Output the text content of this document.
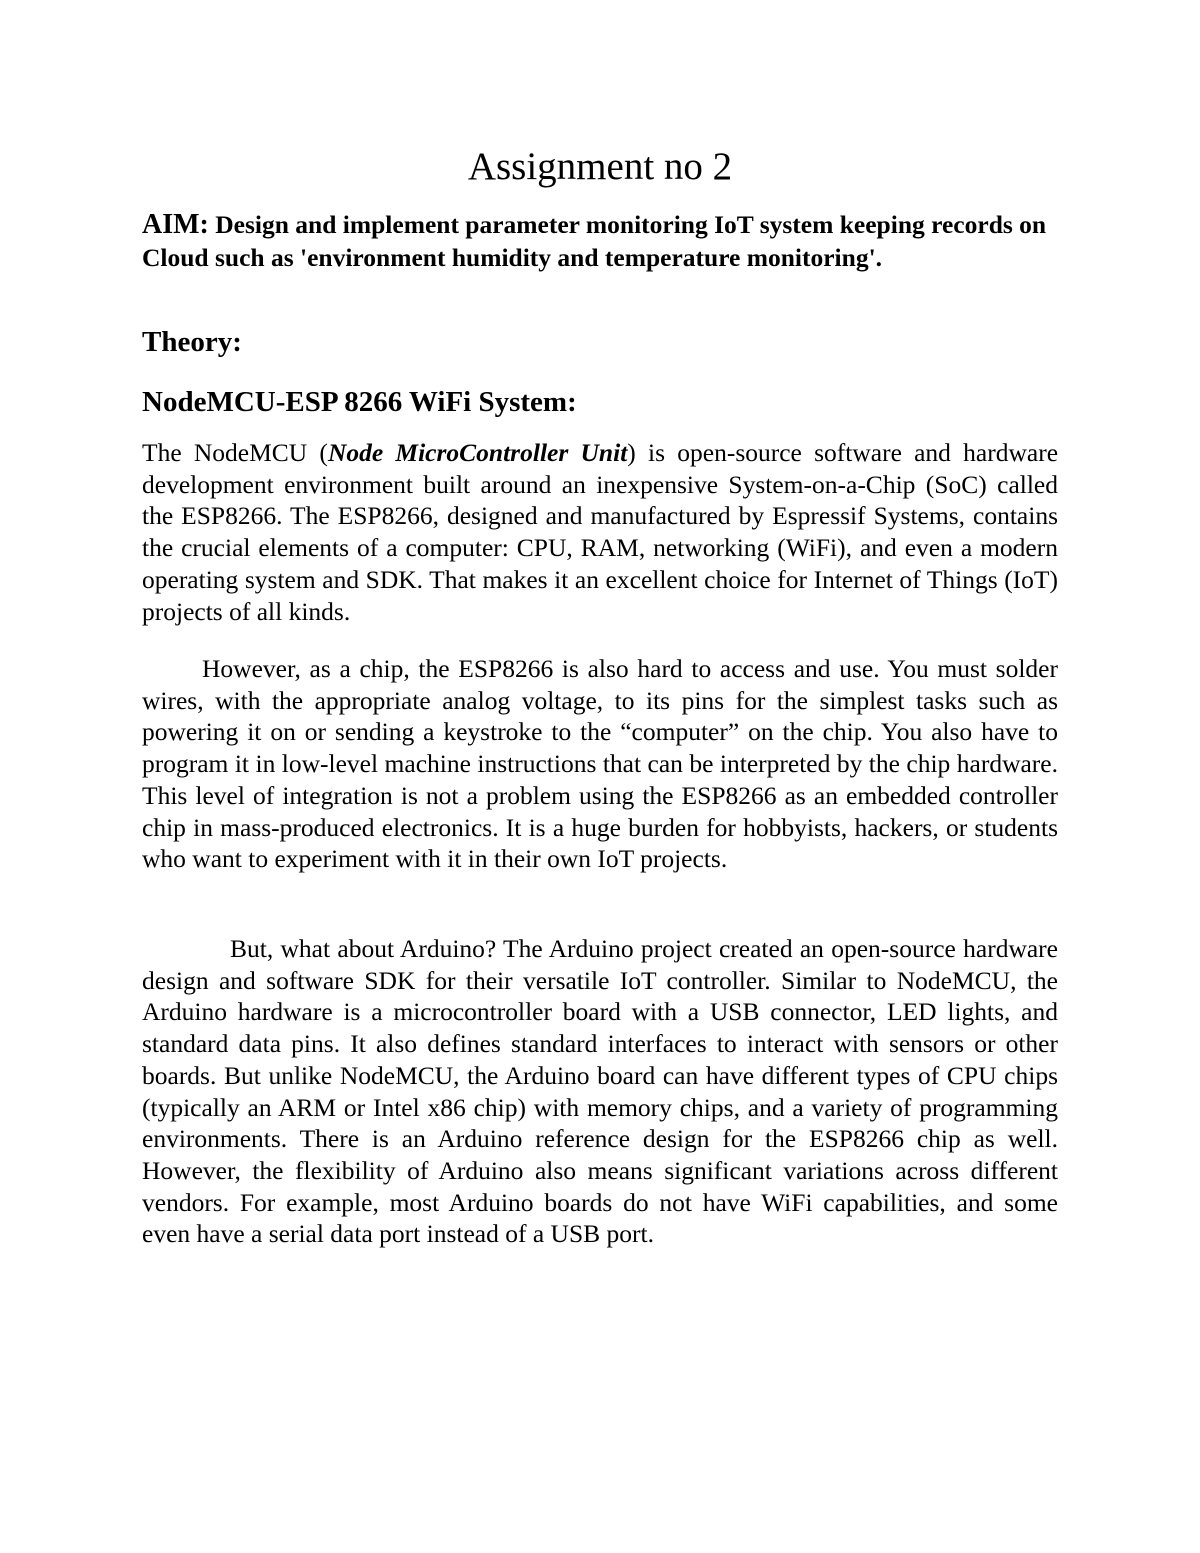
Assignment no 2

AIM: Design and implement parameter monitoring IoT system keeping records on Cloud such as 'environment humidity and temperature monitoring'.

Theory:
NodeMCU-ESP 8266 WiFi System:

The NodeMCU (Node MicroController Unit) is open-source software and hardware development environment built around an inexpensive System-on-a-Chip (SoC) called the ESP8266. The ESP8266, designed and manufactured by Espressif Systems, contains the crucial elements of a computer: CPU, RAM, networking (WiFi), and even a modern operating system and SDK. That makes it an excellent choice for Internet of Things (IoT) projects of all kinds.

However, as a chip, the ESP8266 is also hard to access and use. You must solder wires, with the appropriate analog voltage, to its pins for the simplest tasks such as powering it on or sending a keystroke to the “computer” on the chip. You also have to program it in low-level machine instructions that can be interpreted by the chip hardware. This level of integration is not a problem using the ESP8266 as an embedded controller chip in mass-produced electronics. It is a huge burden for hobbyists, hackers, or students who want to experiment with it in their own IoT projects.

But, what about Arduino? The Arduino project created an open-source hardware design and software SDK for their versatile IoT controller. Similar to NodeMCU, the Arduino hardware is a microcontroller board with a USB connector, LED lights, and standard data pins. It also defines standard interfaces to interact with sensors or other boards. But unlike NodeMCU, the Arduino board can have different types of CPU chips (typically an ARM or Intel x86 chip) with memory chips, and a variety of programming environments. There is an Arduino reference design for the ESP8266 chip as well. However, the flexibility of Arduino also means significant variations across different vendors. For example, most Arduino boards do not have WiFi capabilities, and some even have a serial data port instead of a USB port.
